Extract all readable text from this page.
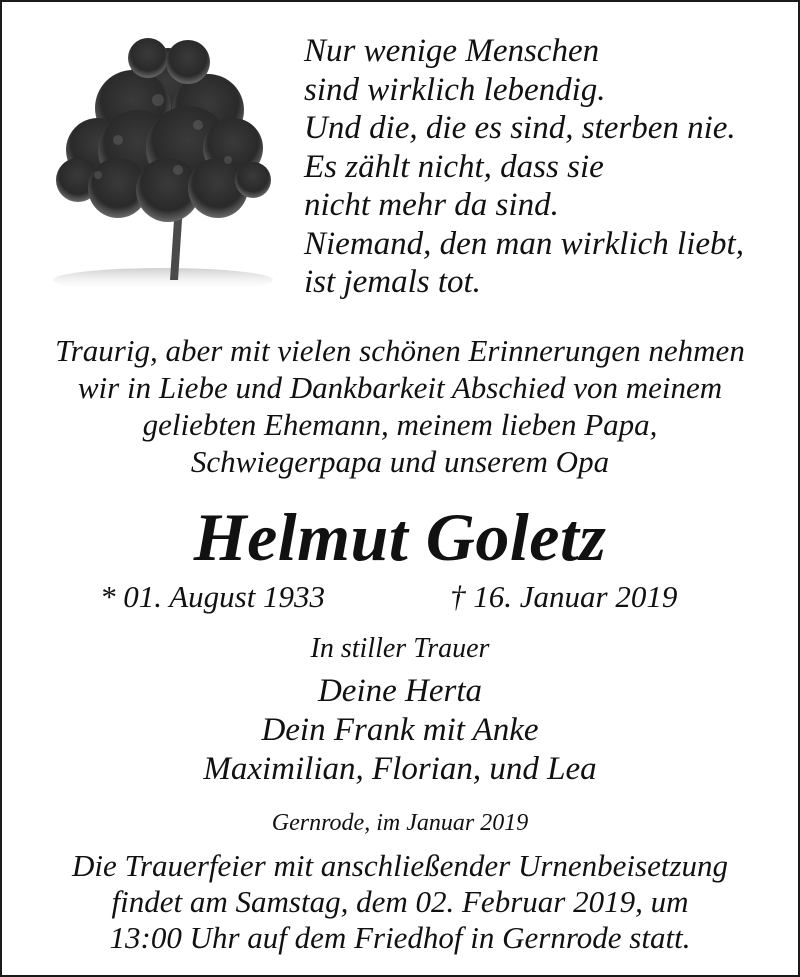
Nur wenige Menschen
sind wirklich lebendig.
Und die, die es sind, sterben nie.
Es zählt nicht, dass sie
nicht mehr da sind.
Niemand, den man wirklich liebt,
ist jemals tot.
Traurig, aber mit vielen schönen Erinnerungen nehmen
wir in Liebe und Dankbarkeit Abschied von meinem
geliebten Ehemann, meinem lieben Papa,
Schwiegerpapa und unserem Opa
Helmut Goletz
* 01. August 1933	† 16. Januar 2019
In stiller Trauer
Deine Herta
Dein Frank mit Anke
Maximilian, Florian, und Lea
Gernrode, im Januar 2019
Die Trauerfeier mit anschließender Urnenbeisetzung
findet am Samstag, dem 02. Februar 2019, um
13:00 Uhr auf dem Friedhof in Gernrode statt.
